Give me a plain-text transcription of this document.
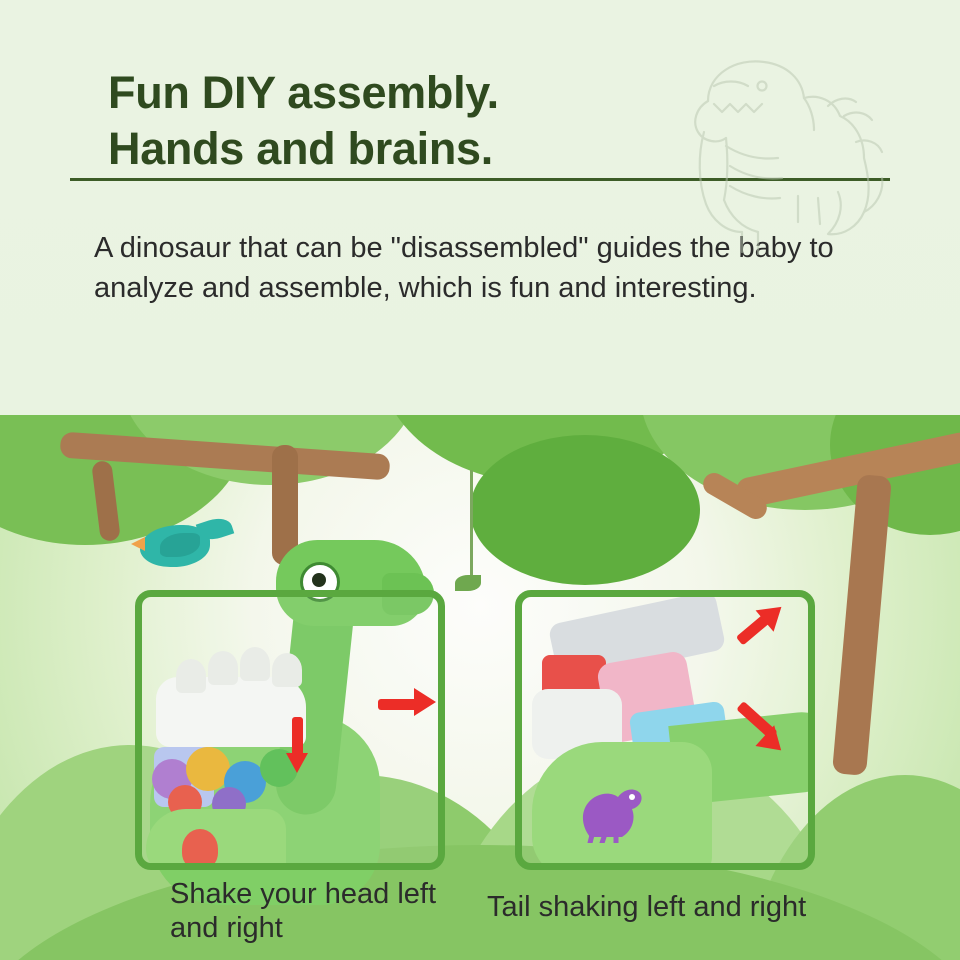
Fun DIY assembly.

Hands and brains.

A dinosaur that can be "disassembled" guides the baby to analyze and assemble, which is fun and interesting.
Shake your head left and right
Tail shaking left and right
